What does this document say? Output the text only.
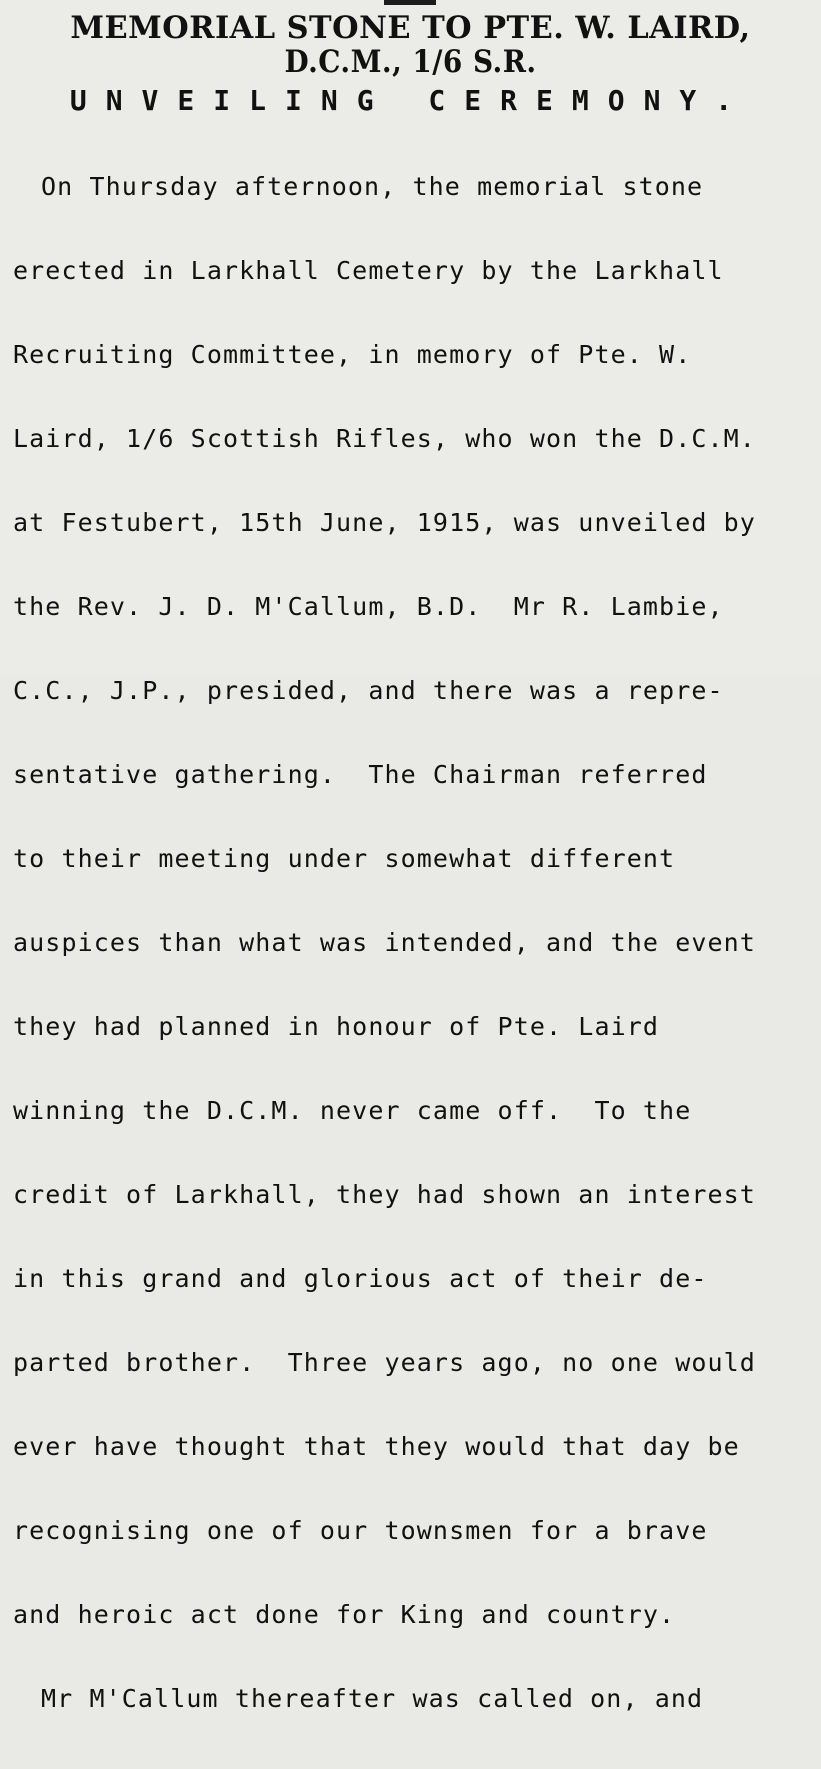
MEMORIAL STONE TO PTE. W. LAIRD,
D.C.M., 1/6 S.R.
UNVEILING CEREMONY.

On Thursday afternoon, the memorial stone

erected in Larkhall Cemetery by the Larkhall

Recruiting Committee, in memory of Pte. W.

Laird, 1/6 Scottish Rifles, who won the D.C.M.

at Festubert, 15th June, 1915, was unveiled by

the Rev. J. D. M'Callum, B.D.  Mr R. Lambie,

C.C., J.P., presided, and there was a repre-

sentative gathering.  The Chairman referred

to their meeting under somewhat different

auspices than what was intended, and the event

they had planned in honour of Pte. Laird

winning the D.C.M. never came off.  To the

credit of Larkhall, they had shown an interest

in this grand and glorious act of their de-

parted brother.  Three years ago, no one would

ever have thought that they would that day be

recognising one of our townsmen for a brave

and heroic act done for King and country.

Mr M'Callum thereafter was called on, and
